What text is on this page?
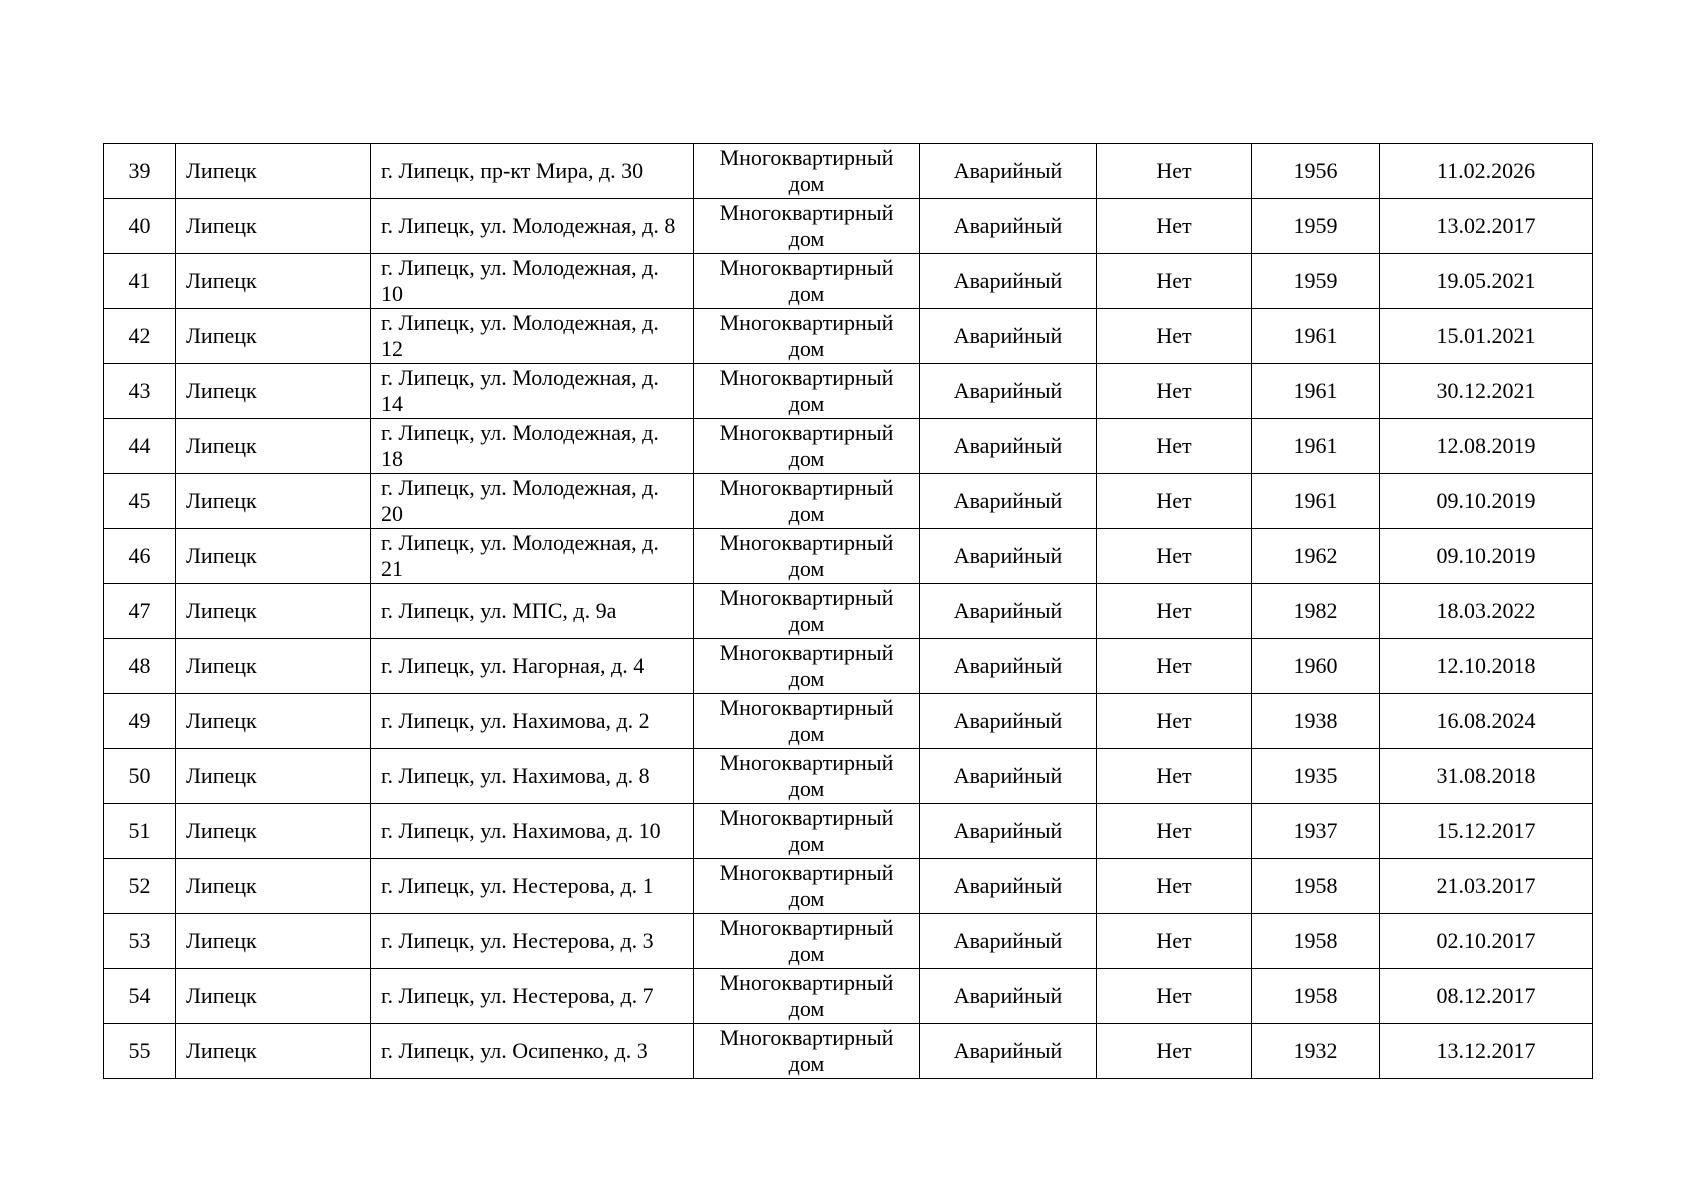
39	Липецк	г. Липецк, пр-кт Мира, д. 30	Многоквартирный дом	Аварийный	Нет	1956	11.02.2026
40	Липецк	г. Липецк, ул. Молодежная, д. 8	Многоквартирный дом	Аварийный	Нет	1959	13.02.2017
41	Липецк	г. Липецк, ул. Молодежная, д. 10	Многоквартирный дом	Аварийный	Нет	1959	19.05.2021
42	Липецк	г. Липецк, ул. Молодежная, д. 12	Многоквартирный дом	Аварийный	Нет	1961	15.01.2021
43	Липецк	г. Липецк, ул. Молодежная, д. 14	Многоквартирный дом	Аварийный	Нет	1961	30.12.2021
44	Липецк	г. Липецк, ул. Молодежная, д. 18	Многоквартирный дом	Аварийный	Нет	1961	12.08.2019
45	Липецк	г. Липецк, ул. Молодежная, д. 20	Многоквартирный дом	Аварийный	Нет	1961	09.10.2019
46	Липецк	г. Липецк, ул. Молодежная, д. 21	Многоквартирный дом	Аварийный	Нет	1962	09.10.2019
47	Липецк	г. Липецк, ул. МПС, д. 9а	Многоквартирный дом	Аварийный	Нет	1982	18.03.2022
48	Липецк	г. Липецк, ул. Нагорная, д. 4	Многоквартирный дом	Аварийный	Нет	1960	12.10.2018
49	Липецк	г. Липецк, ул. Нахимова, д. 2	Многоквартирный дом	Аварийный	Нет	1938	16.08.2024
50	Липецк	г. Липецк, ул. Нахимова, д. 8	Многоквартирный дом	Аварийный	Нет	1935	31.08.2018
51	Липецк	г. Липецк, ул. Нахимова, д. 10	Многоквартирный дом	Аварийный	Нет	1937	15.12.2017
52	Липецк	г. Липецк, ул. Нестерова, д. 1	Многоквартирный дом	Аварийный	Нет	1958	21.03.2017
53	Липецк	г. Липецк, ул. Нестерова, д. 3	Многоквартирный дом	Аварийный	Нет	1958	02.10.2017
54	Липецк	г. Липецк, ул. Нестерова, д. 7	Многоквартирный дом	Аварийный	Нет	1958	08.12.2017
55	Липецк	г. Липецк, ул. Осипенко, д. 3	Многоквартирный дом	Аварийный	Нет	1932	13.12.2017
